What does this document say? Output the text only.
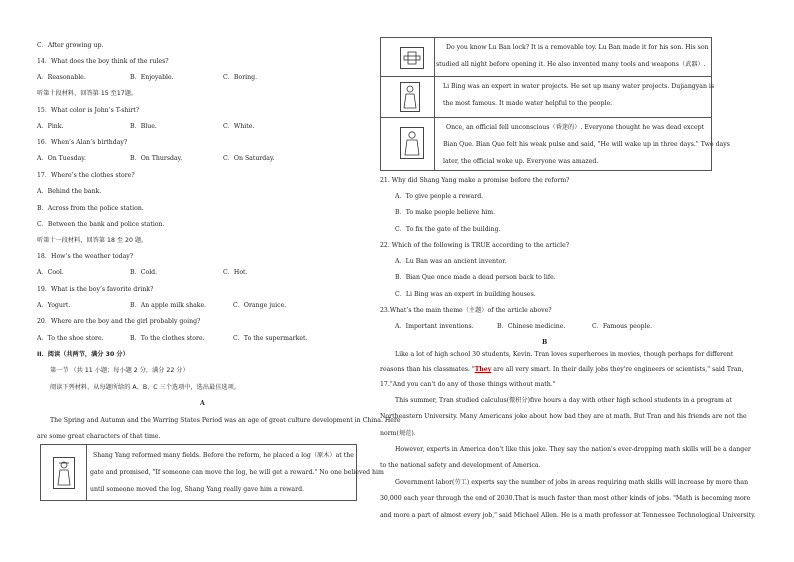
C．After growing up.
14．What does the boy think of the rules?
A．Reasonable.	B．Enjoyable.	C．Boring.
听第十段材料，回答第 15 至17题。
15．What color is John’s T-shirt?
A．Pink.	B．Blue.	C．White.
16．When’s Alan’s birthday?
A．On Tuesday.	B．On Thursday.	C．On Saturday.
17．Where’s the clothes store?
A．Behind the bank.
B．Across from the police station.
C．Between the bank and police station.
听第十一段材料，回答第 18 至 20 题。
18．How’s the weather today?
A．Cool.	B．Cold.	C．Hot.
19．What is the boy’s favorite drink?
A．Yogurt.	B．An apple milk shake.	C．Orange juice.
20．Where are the boy and the girl probably going?
A．To the shoe store.	B．To the clothes store.	C．To the supermarket.
II．阅读（共两节，满分 30 分）
第一节 （共 11 小题；每小题 2 分，满分 22 分）
阅读下列材料，从每题所给的 A、B、C 三个选项中，选出最佳选项。
A
The Spring and Autumn and the Warring States Period was an age of great culture development in China. Here
are some great characters of that time.
Shang Yang reformed many fields. Before the reform, he placed a log（原木）at the
gate and promised, "If someone can move the log, he will get a reward." No one believed him
until someone moved the log, Shang Yang really gave him a reward.
Do you know Lu Ban lock? It is a removable toy. Lu Ban made it for his son. His son
studied all night before opening it. He also invented many tools and weapons（武器）.
Li Bing was an expert in water projects. He set up many water projects. Dujiangyan is
the most famous. It made water helpful to the people.
Once, an official fell unconscious（昏迷的）. Everyone thought he was dead except
Bian Que. Bian Que felt his weak pulse and said, "He will wake up in three days." Two days
later, the official woke up. Everyone was amazed.
21. Why did Shang Yang make a promise before the reform?
A．To give people a reward.
B．To make people believe him.
C．To fix the gate of the building.
22. Which of the following is TRUE according to the article?
A．Lu Ban was an ancient inventor.
B．Bian Que once made a dead person back to life.
C．Li Bing was an expert in building houses.
23.What’s the main theme（主题）of the article above?
A．Important inventions.	B．Chinese medicine.	C．Famous people.
B
Like a lot of high school 30 students, Kevin. Tran loves superheroes in movies, though perhaps for different
reasons than his classmates. "They are all very smart. In their daily jobs they're engineers or scientists," said Tran,
17."And you can't do any of those things without math."
This summer, Tran studied calculus(微积分)five hours a day with other high school students in a program at
Northeastern University. Many Americans joke about how bad they are at math. But Tran and his friends are not the
norm(规范).
However, experts in America don't like this joke. They say the nation's ever-dropping math skills will be a danger
to the national safety and development of America.
Government labor(劳工) experts say the number of jobs in areas requiring math skills will increase by more than
30,000 each year through the end of 2030.That is much faster than most other kinds of jobs. "Math is becoming more
and more a part of almost every job," said Michael Allen. He is a math professor at Tennessee Technological University.
